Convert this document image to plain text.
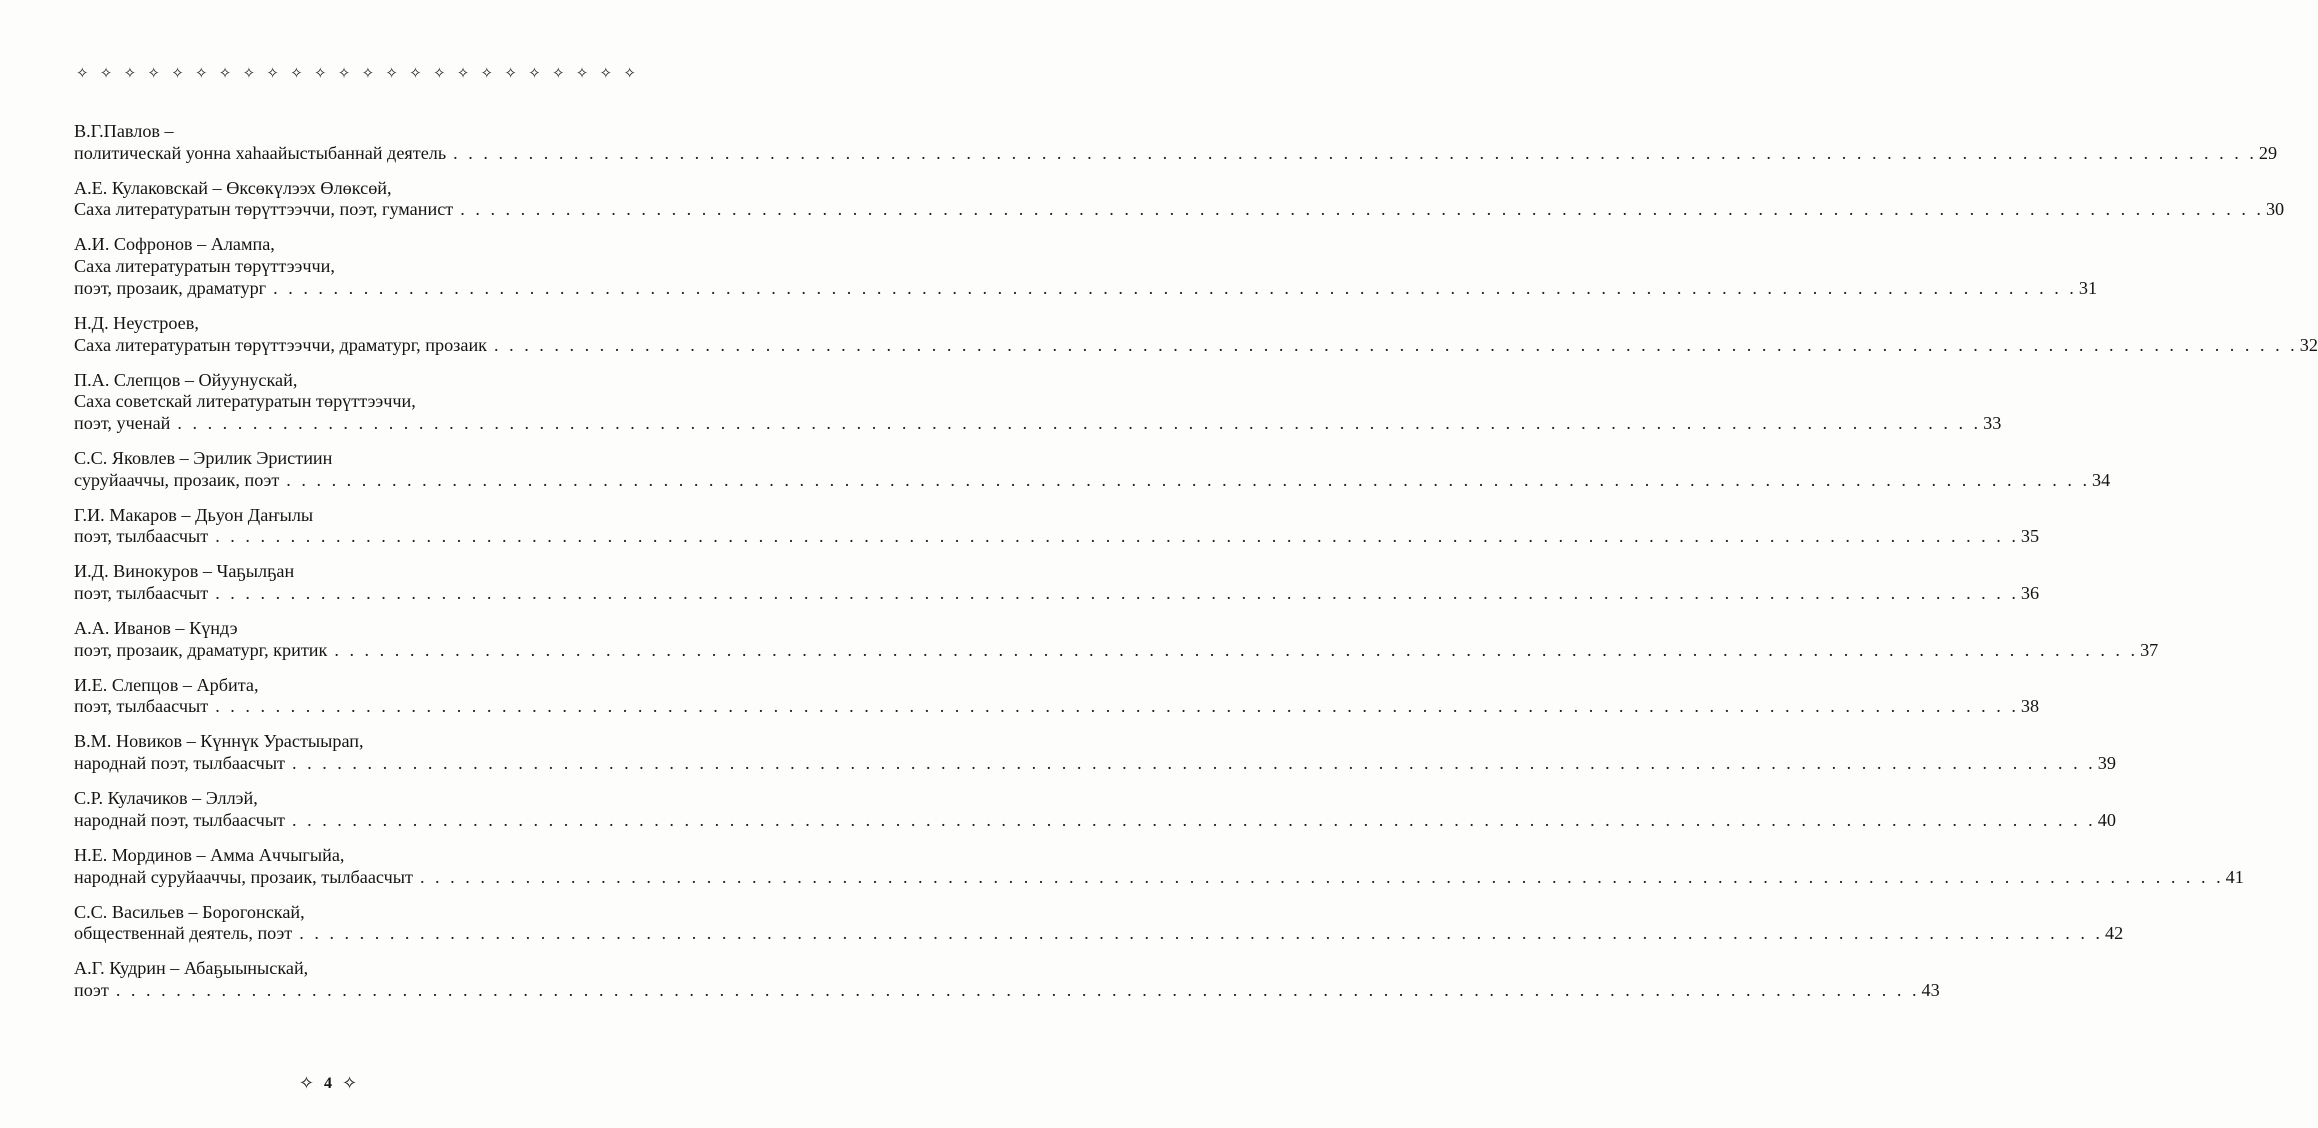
✧ ✧ ✧ ✧ ✧ ✧ ✧ ✧ ✧ ✧ ✧ ✧ ✧ ✧ ✧ ✧ ✧ ✧ ✧ ✧ ✧ ✧ ✧ ✧
В.Г.Павлов –
политическай уонна хаһаайыстыбаннай деятель . . . . . . . . . . . . . . . . . . . . . . . . . . . . . . . . . . . . . . . . . . . . . . . . . . . . . . . . . . . . . . . . . . . . . . . . . . . . . . . . . . . . . . . . . . . . . . . . . . . . . . . . . . . . . . . . . . . . . . . . 29
А.Е. Кулаковскай – Өксөкүлээх Өлөксөй,
Саха литературатын төрүттээччи, поэт, гуманист . . . . . . . . . . . . . . . . . . . . . . . . . . . . . . . . . . . . . . . . . . . . . . . . . . . . . . . . . . . . . . . . . . . . . . . . . . . . . . . . . . . . . . . . . . . . . . . . . . . . . . . . . . . . . . . . . . . . . . . . 30
А.И. Софронов – Алампа,
Саха литературатын төрүттээччи,
поэт, прозаик, драматург . . . . . . . . . . . . . . . . . . . . . . . . . . . . . . . . . . . . . . . . . . . . . . . . . . . . . . . . . . . . . . . . . . . . . . . . . . . . . . . . . . . . . . . . . . . . . . . . . . . . . . . . . . . . . . . . . . . . . . . . 31
Н.Д. Неустроев,
Саха литературатын төрүттээччи, драматург, прозаик . . . . . . . . . . . . . . . . . . . . . . . . . . . . . . . . . . . . . . . . . . . . . . . . . . . . . . . . . . . . . . . . . . . . . . . . . . . . . . . . . . . . . . . . . . . . . . . . . . . . . . . . . . . . . . . . . . . . . . . . 32
П.А. Слепцов – Ойуунускай,
Саха советскай литературатын төрүттээччи,
поэт, ученай . . . . . . . . . . . . . . . . . . . . . . . . . . . . . . . . . . . . . . . . . . . . . . . . . . . . . . . . . . . . . . . . . . . . . . . . . . . . . . . . . . . . . . . . . . . . . . . . . . . . . . . . . . . . . . . . . . . . . . . . 33
С.С. Яковлев – Эрилик Эристиин
суруйааччы, прозаик, поэт . . . . . . . . . . . . . . . . . . . . . . . . . . . . . . . . . . . . . . . . . . . . . . . . . . . . . . . . . . . . . . . . . . . . . . . . . . . . . . . . . . . . . . . . . . . . . . . . . . . . . . . . . . . . . . . . . . . . . . . . 34
Г.И. Макаров – Дьуон Даҥылы
поэт, тылбаасчыт . . . . . . . . . . . . . . . . . . . . . . . . . . . . . . . . . . . . . . . . . . . . . . . . . . . . . . . . . . . . . . . . . . . . . . . . . . . . . . . . . . . . . . . . . . . . . . . . . . . . . . . . . . . . . . . . . . . . . . . . 35
И.Д. Винокуров – Чаҕылҕан
поэт, тылбаасчыт . . . . . . . . . . . . . . . . . . . . . . . . . . . . . . . . . . . . . . . . . . . . . . . . . . . . . . . . . . . . . . . . . . . . . . . . . . . . . . . . . . . . . . . . . . . . . . . . . . . . . . . . . . . . . . . . . . . . . . . . 36
А.А. Иванов – Күндэ
поэт, прозаик, драматург, критик . . . . . . . . . . . . . . . . . . . . . . . . . . . . . . . . . . . . . . . . . . . . . . . . . . . . . . . . . . . . . . . . . . . . . . . . . . . . . . . . . . . . . . . . . . . . . . . . . . . . . . . . . . . . . . . . . . . . . . . . 37
И.Е. Слепцов – Арбита,
поэт, тылбаасчыт . . . . . . . . . . . . . . . . . . . . . . . . . . . . . . . . . . . . . . . . . . . . . . . . . . . . . . . . . . . . . . . . . . . . . . . . . . . . . . . . . . . . . . . . . . . . . . . . . . . . . . . . . . . . . . . . . . . . . . . . 38
В.М. Новиков – Күннүк Урастыырап,
народнай поэт, тылбаасчыт . . . . . . . . . . . . . . . . . . . . . . . . . . . . . . . . . . . . . . . . . . . . . . . . . . . . . . . . . . . . . . . . . . . . . . . . . . . . . . . . . . . . . . . . . . . . . . . . . . . . . . . . . . . . . . . . . . . . . . . . 39
С.Р. Кулачиков – Эллэй,
народнай поэт, тылбаасчыт . . . . . . . . . . . . . . . . . . . . . . . . . . . . . . . . . . . . . . . . . . . . . . . . . . . . . . . . . . . . . . . . . . . . . . . . . . . . . . . . . . . . . . . . . . . . . . . . . . . . . . . . . . . . . . . . . . . . . . . . 40
Н.Е. Мординов – Амма Аччыгыйа,
народнай суруйааччы, прозаик, тылбаасчыт . . . . . . . . . . . . . . . . . . . . . . . . . . . . . . . . . . . . . . . . . . . . . . . . . . . . . . . . . . . . . . . . . . . . . . . . . . . . . . . . . . . . . . . . . . . . . . . . . . . . . . . . . . . . . . . . . . . . . . . . 41
С.С. Васильев – Борогонскай,
общественнай деятель, поэт . . . . . . . . . . . . . . . . . . . . . . . . . . . . . . . . . . . . . . . . . . . . . . . . . . . . . . . . . . . . . . . . . . . . . . . . . . . . . . . . . . . . . . . . . . . . . . . . . . . . . . . . . . . . . . . . . . . . . . . . 42
А.Г. Кудрин – Абаҕыыныскай,
поэт . . . . . . . . . . . . . . . . . . . . . . . . . . . . . . . . . . . . . . . . . . . . . . . . . . . . . . . . . . . . . . . . . . . . . . . . . . . . . . . . . . . . . . . . . . . . . . . . . . . . . . . . . . . . . . . . . . . . . . . . 43
✧ 4 ✧
